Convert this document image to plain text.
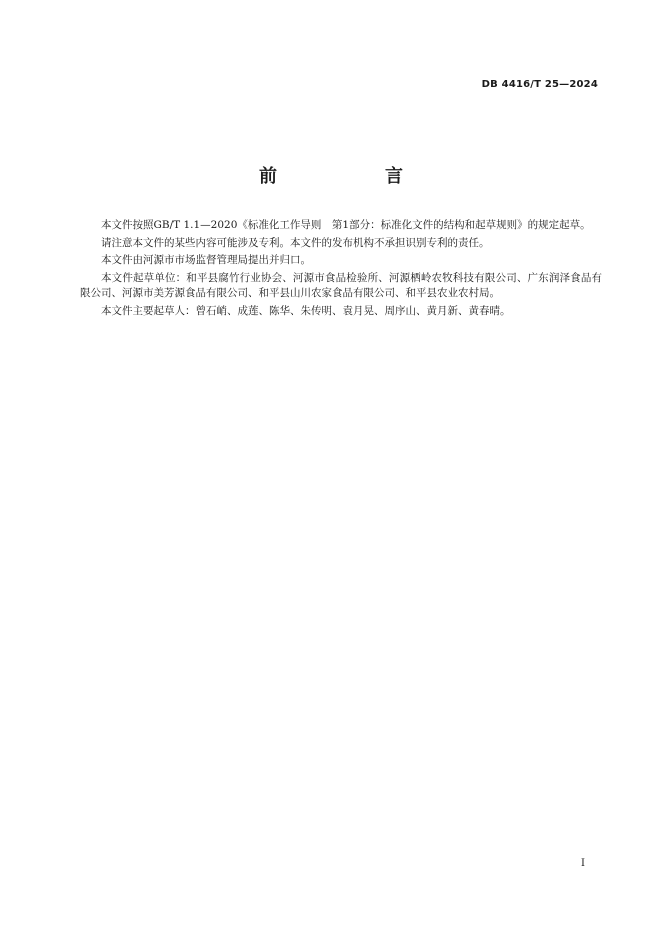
DB 4416/T 25—2024
前　　言

本文件按照GB/T 1.1—2020《标准化工作导则　第1部分：标准化文件的结构和起草规则》的规定起草。

请注意本文件的某些内容可能涉及专利。本文件的发布机构不承担识别专利的责任。

本文件由河源市市场监督管理局提出并归口。

本文件起草单位：和平县腐竹行业协会、河源市食品检验所、河源栖岭农牧科技有限公司、广东润泽食品有限公司、河源市美芳源食品有限公司、和平县山川农家食品有限公司、和平县农业农村局。

本文件主要起草人：曾石峭、成莲、陈华、朱传明、袁月晃、周序山、黄月新、黄春晴。

I
